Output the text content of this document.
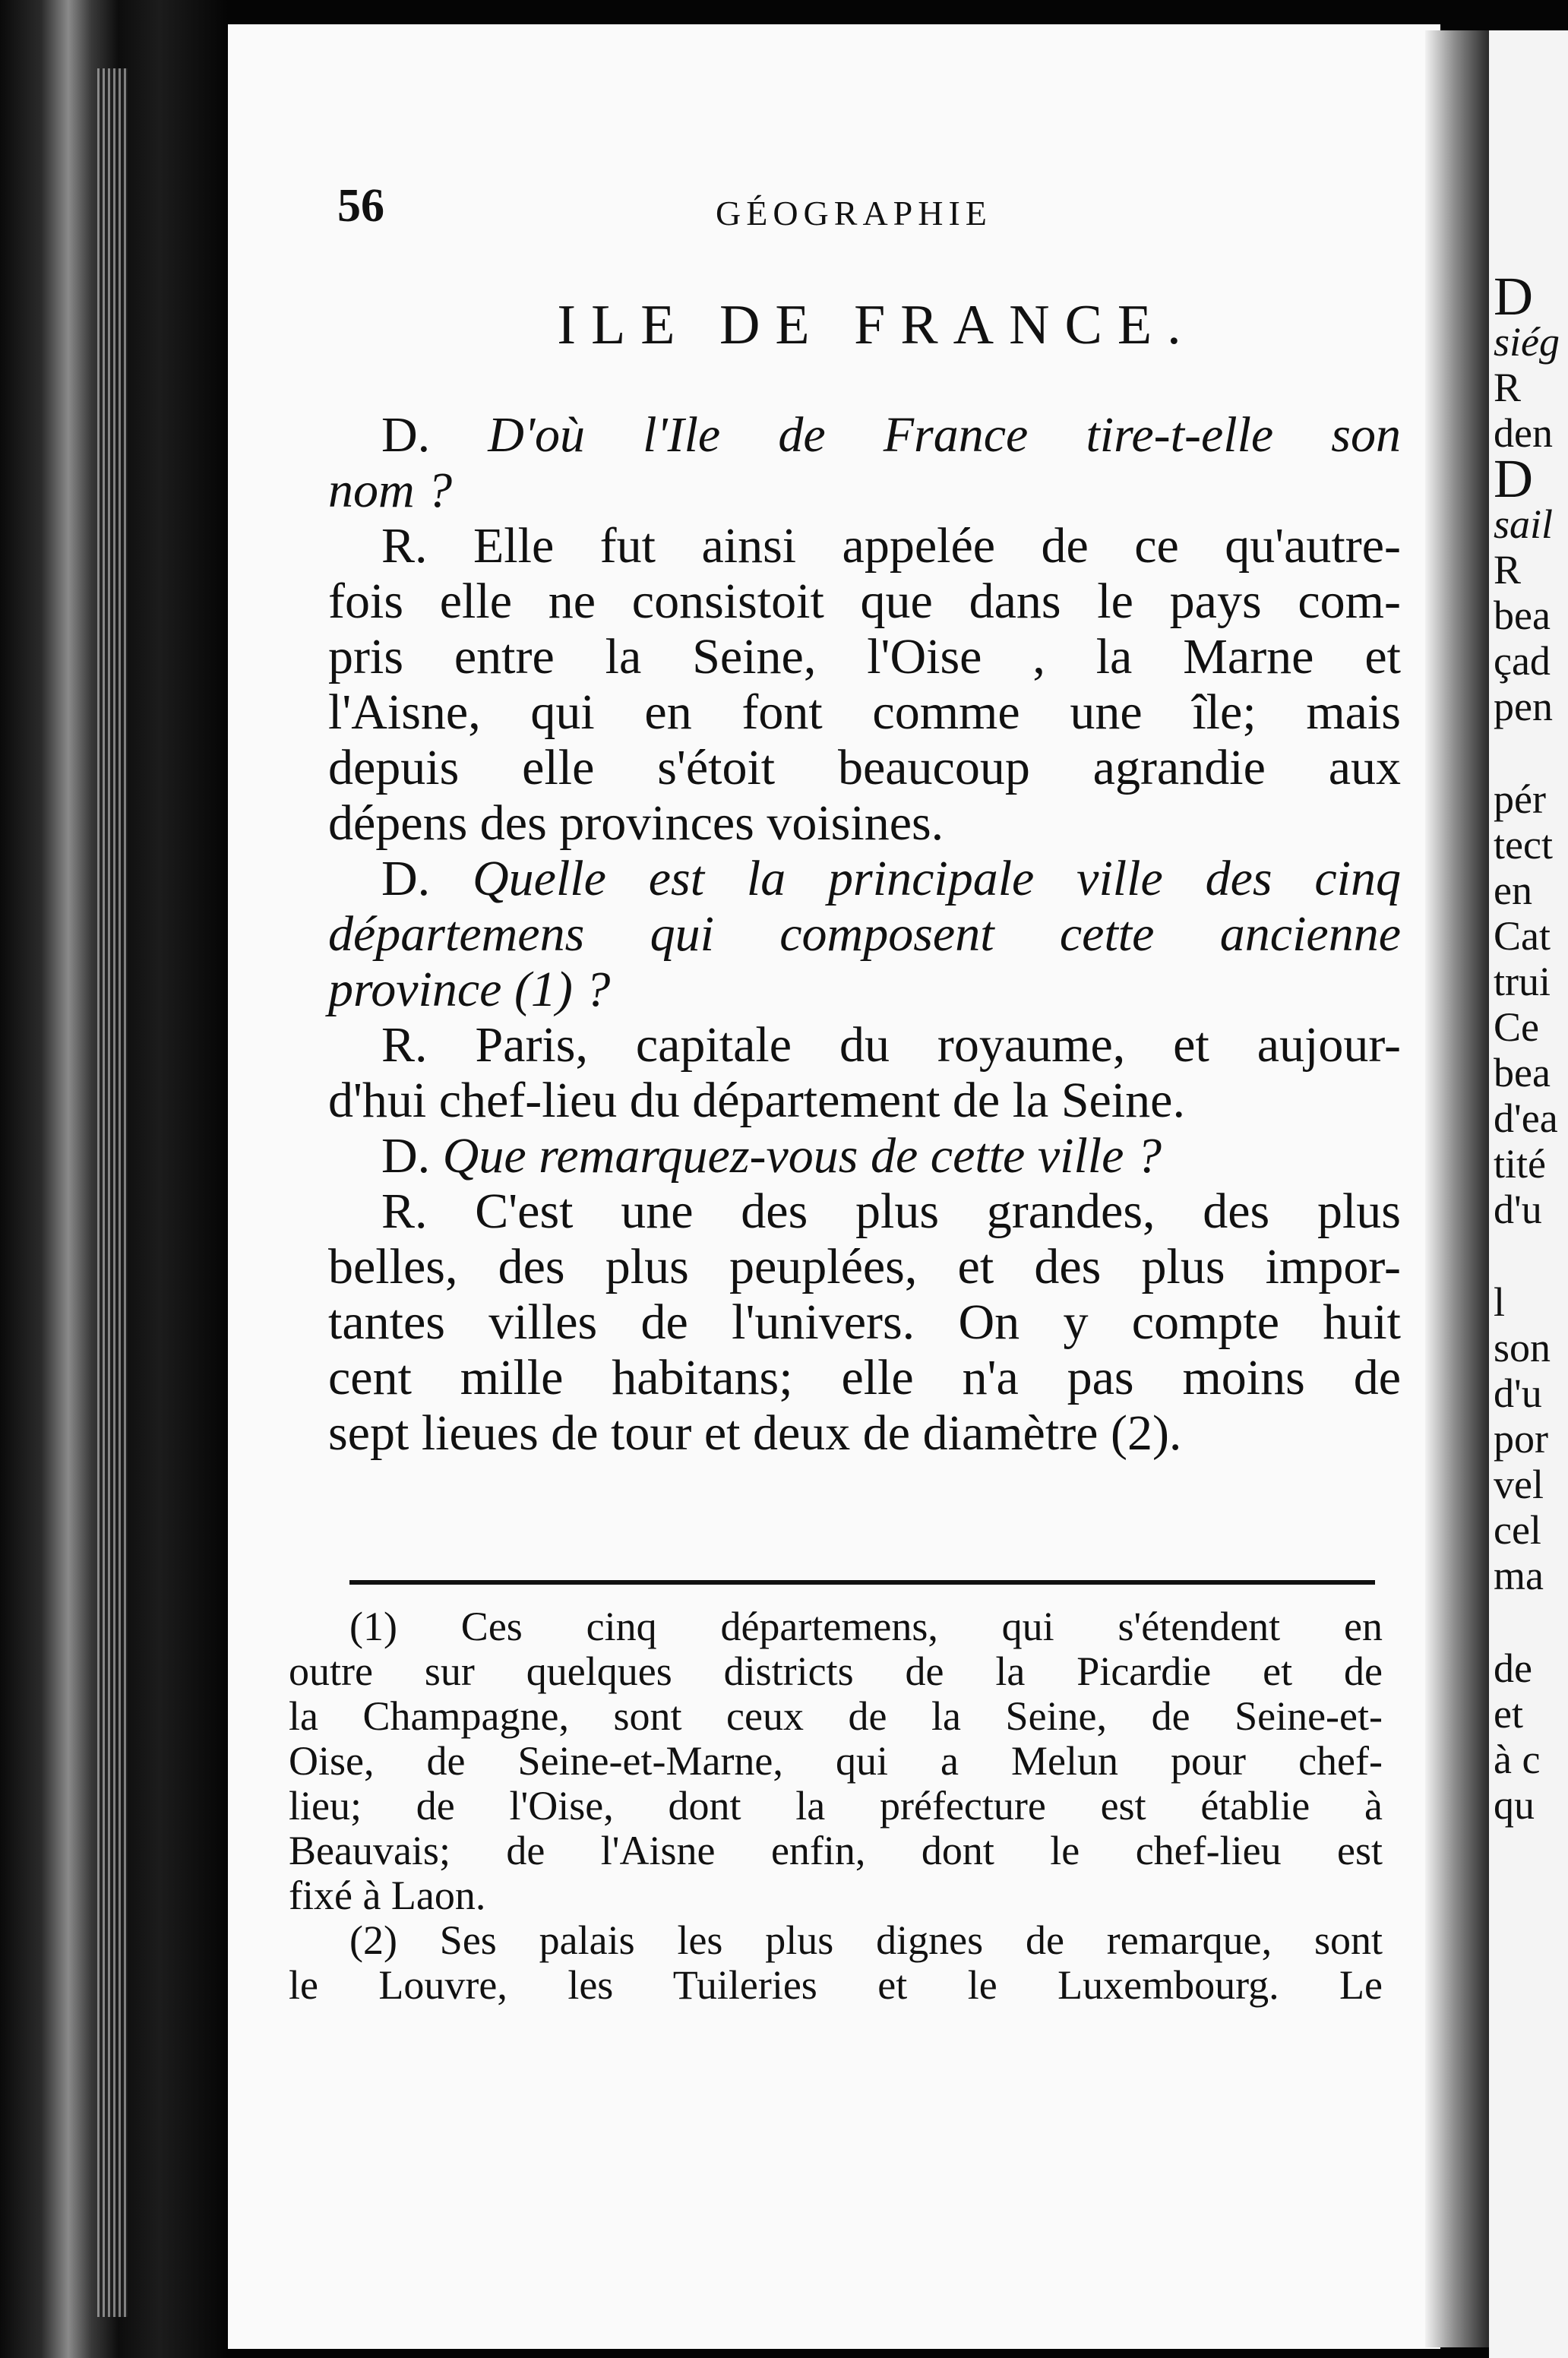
56	GÉOGRAPHIE
ILE DE FRANCE.
D. D'où l'Ile de France tire-t-elle son
nom ?
R. Elle fut ainsi appelée de ce qu'autre-
fois elle ne consistoit que dans le pays com-
pris entre la Seine, l'Oise , la Marne et
l'Aisne, qui en font comme une île; mais
depuis elle s'étoit beaucoup agrandie aux
dépens des provinces voisines.
D. Quelle est la principale ville des cinq
départemens qui composent cette ancienne
province (1) ?
R. Paris, capitale du royaume, et aujour-
d'hui chef-lieu du département de la Seine.
D. Que remarquez-vous de cette ville ?
R. C'est une des plus grandes, des plus
belles, des plus peuplées, et des plus impor-
tantes villes de l'univers. On y compte huit
cent mille habitans; elle n'a pas moins de
sept lieues de tour et deux de diamètre (2).
(1) Ces cinq départemens, qui s'étendent en
outre sur quelques districts de la Picardie et de
la Champagne, sont ceux de la Seine, de Seine-et-
Oise, de Seine-et-Marne, qui a Melun pour chef-
lieu; de l'Oise, dont la préfecture est établie à
Beauvais; de l'Aisne enfin, dont le chef-lieu est
fixé à Laon.
(2) Ses palais les plus dignes de remarque, sont
le Louvre, les Tuileries et le Luxembourg. Le
D
siég
R
den
D
sail
R
bea
çad
pen
pér
tect
en
Cat
trui
Ce
bea
d'ea
tité
d'u
l
son
d'u
por
vel
cel
ma
de
et
à c
qu
